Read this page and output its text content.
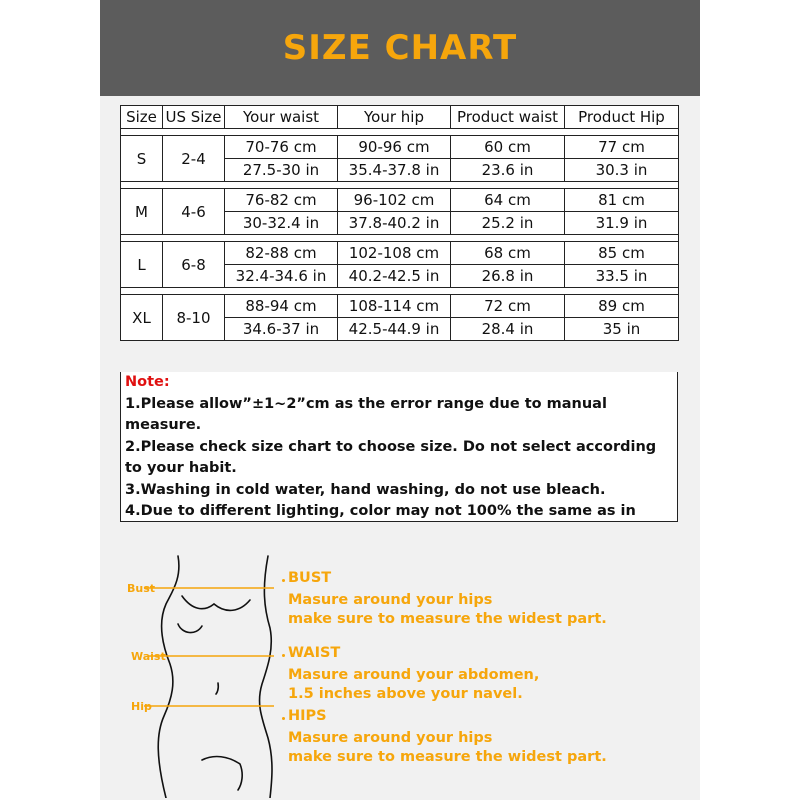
SIZE CHART
Size	US Size	Your waist	Your hip	Product waist	Product Hip

S	2-4	70-76 cm	90-96 cm	60 cm	77 cm
		27.5-30 in	35.4-37.8 in	23.6 in	30.3 in

M	4-6	76-82 cm	96-102 cm	64 cm	81 cm
		30-32.4 in	37.8-40.2 in	25.2 in	31.9 in

L	6-8	82-88 cm	102-108 cm	68 cm	85 cm
		32.4-34.6 in	40.2-42.5 in	26.8 in	33.5 in

XL	8-10	88-94 cm	108-114 cm	72 cm	89 cm
		34.6-37 in	42.5-44.9 in	28.4 in	35 in

Note:

1.Please allow”±1~2”cm as the error range due to manual measure.

2.Please check size chart to choose size. Do not select according to your habit.

3.Washing in cold water, hand washing, do not use bleach.

4.Due to different lighting, color may not 100% the same as in

Bust
Waist
Hip
BUST
Masure around your hips
make sure to measure the widest part.
WAIST
Masure around your abdomen,
1.5 inches above your navel.
HIPS
Masure around your hips
make sure to measure the widest part.
